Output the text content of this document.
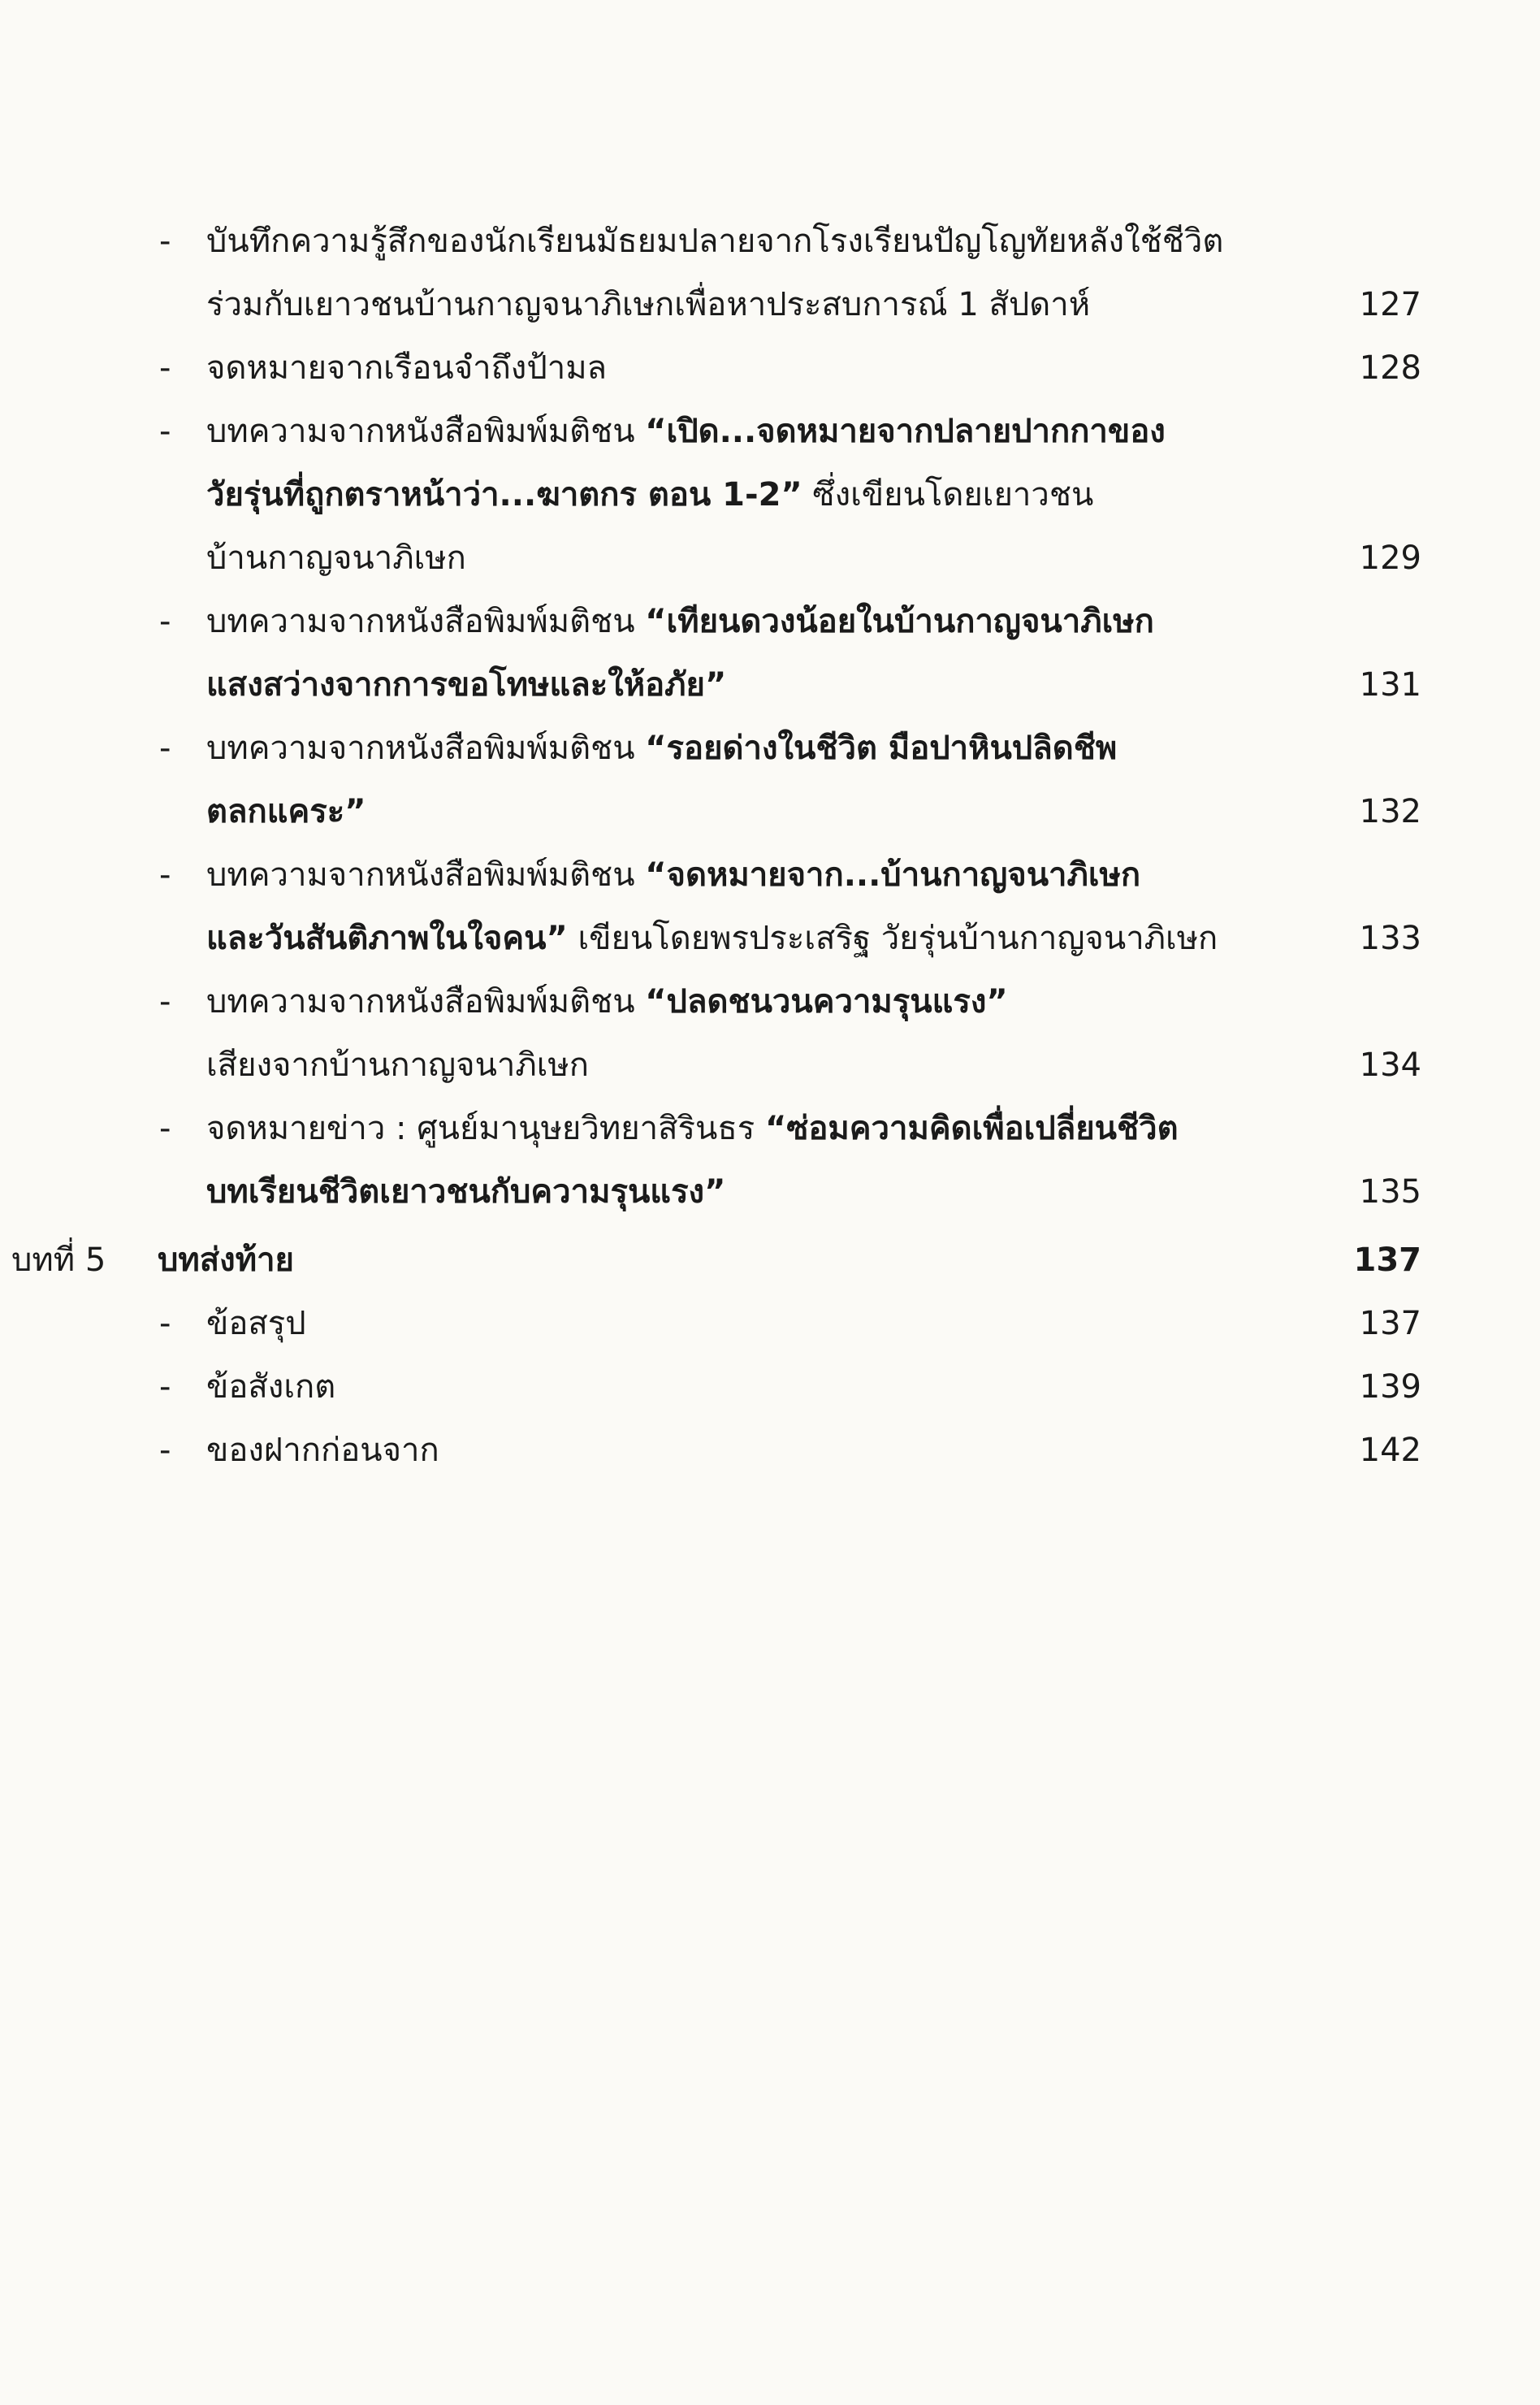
- บันทึกความรู้สึกของนักเรียนมัธยมปลายจากโรงเรียนปัญโญทัยหลังใช้ชีวิต
ร่วมกับเยาวชนบ้านกาญจนาภิเษกเพื่อหาประสบการณ์ 1 สัปดาห์	127
- จดหมายจากเรือนจำถึงป้ามล	128
- บทความจากหนังสือพิมพ์มติชน “เปิด...จดหมายจากปลายปากกาของ
วัยรุ่นที่ถูกตราหน้าว่า...ฆาตกร ตอน 1-2” ซึ่งเขียนโดยเยาวชน
บ้านกาญจนาภิเษก	129
- บทความจากหนังสือพิมพ์มติชน “เทียนดวงน้อยในบ้านกาญจนาภิเษก
แสงสว่างจากการขอโทษและให้อภัย”	131
- บทความจากหนังสือพิมพ์มติชน “รอยด่างในชีวิต มือปาหินปลิดชีพ
ตลกแคระ”	132
- บทความจากหนังสือพิมพ์มติชน “จดหมายจาก...บ้านกาญจนาภิเษก
และวันสันติภาพในใจคน” เขียนโดยพรประเสริฐ วัยรุ่นบ้านกาญจนาภิเษก	133
- บทความจากหนังสือพิมพ์มติชน “ปลดชนวนความรุนแรง”
เสียงจากบ้านกาญจนาภิเษก	134
- จดหมายข่าว : ศูนย์มานุษยวิทยาสิรินธร “ซ่อมความคิดเพื่อเปลี่ยนชีวิต
บทเรียนชีวิตเยาวชนกับความรุนแรง”	135
บทที่ 5 บทส่งท้าย	137
- ข้อสรุป	137
- ข้อสังเกต	139
- ของฝากก่อนจาก	142
